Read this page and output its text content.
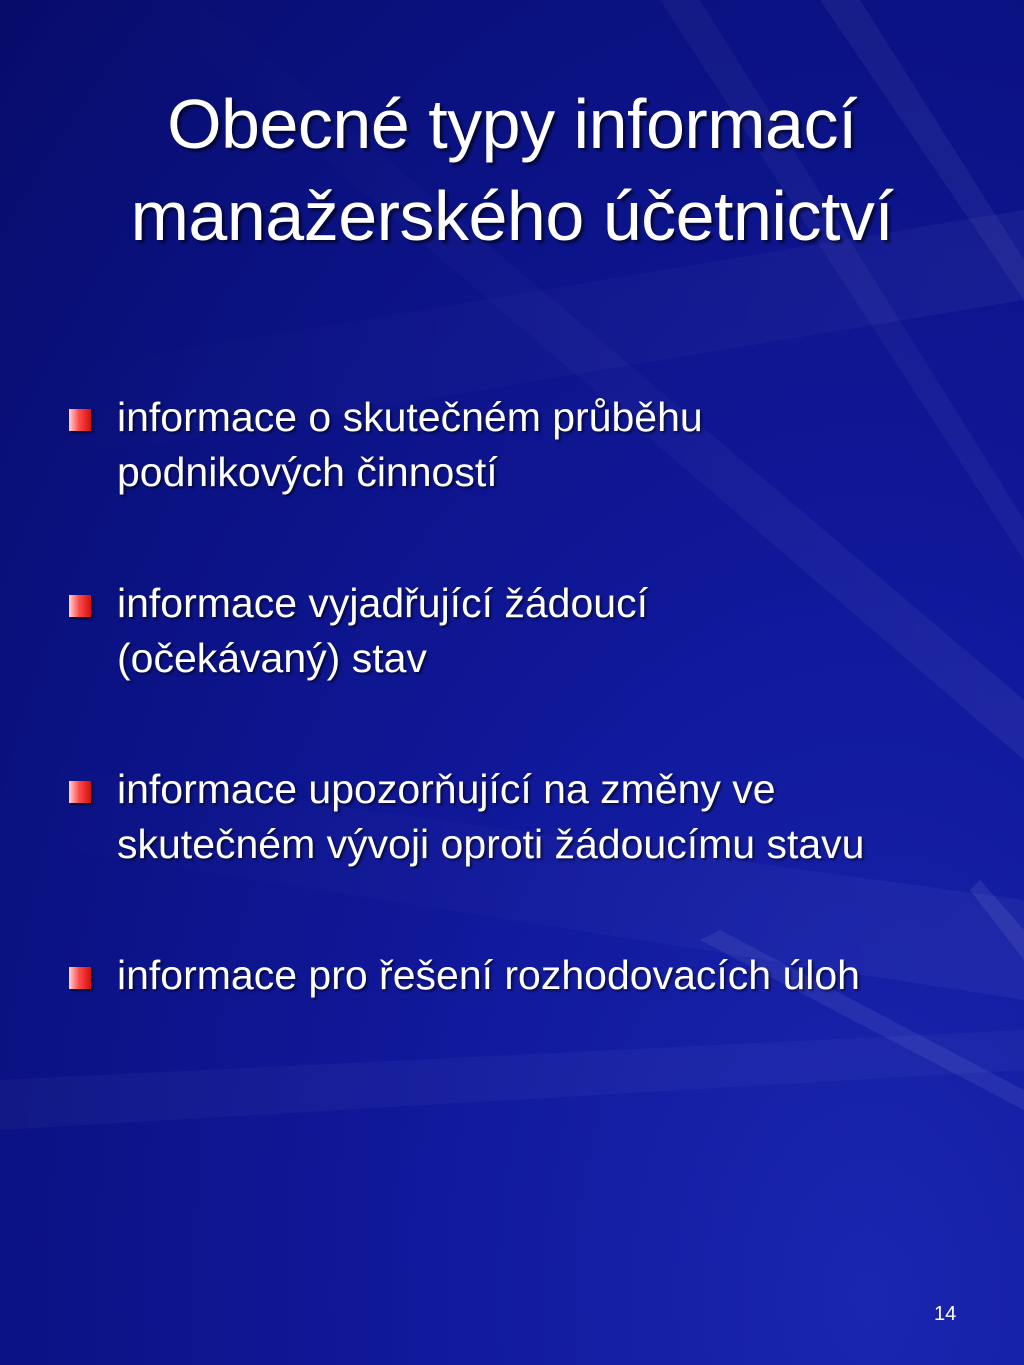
Obecné typy informací
manažerského účetnictví
informace o skutečném průběhu
podnikových činností
informace vyjadřující žádoucí
(očekávaný) stav
informace upozorňující na změny ve
skutečném vývoji oproti žádoucímu stavu
informace pro řešení rozhodovacích úloh
14
